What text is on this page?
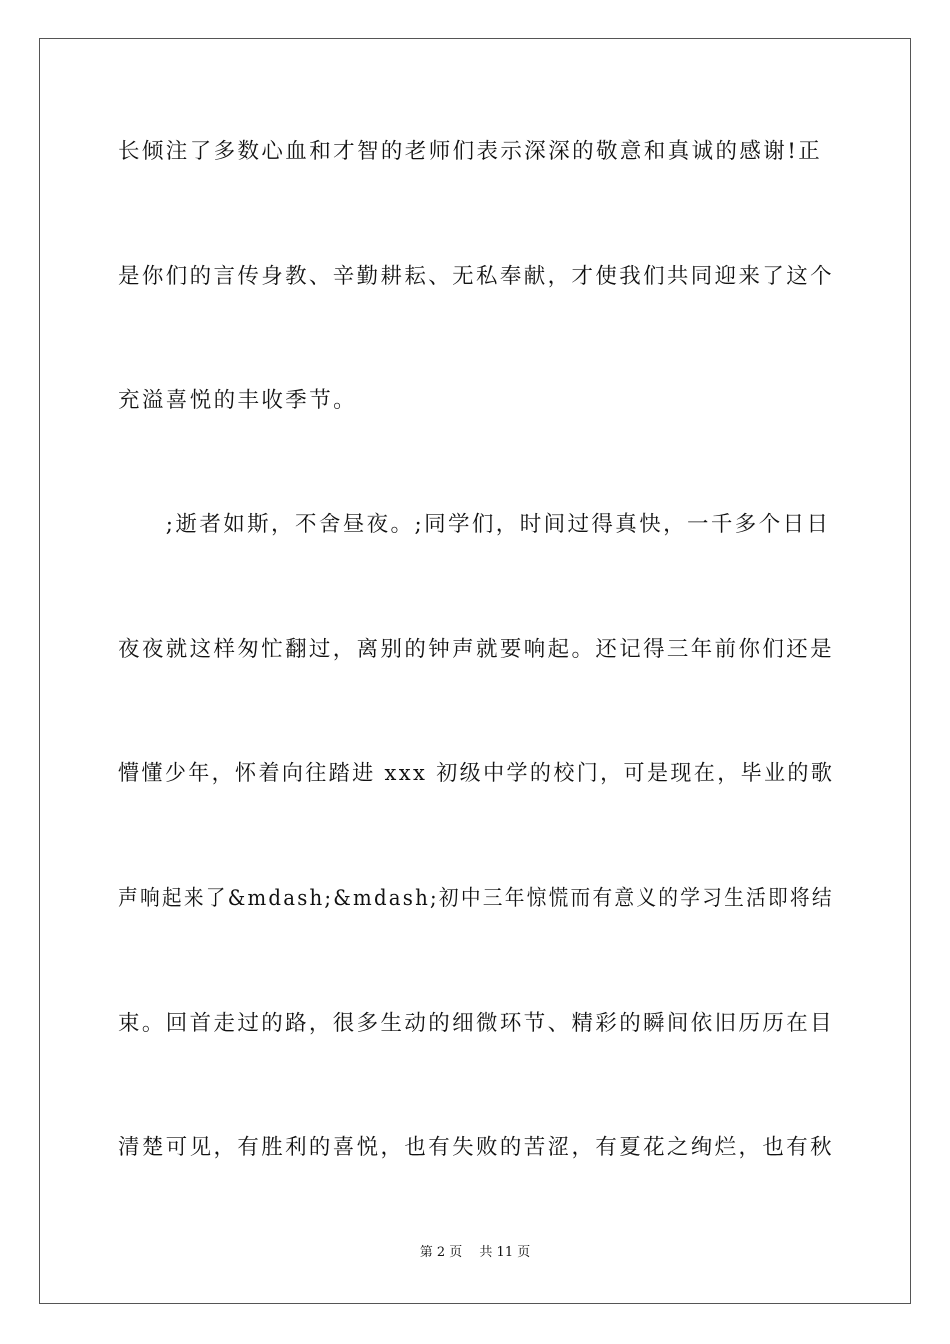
长倾注了多数心血和才智的老师们表示深深的敬意和真诚的感谢!正
是你们的言传身教、辛勤耕耘、无私奉献，才使我们共同迎来了这个
充溢喜悦的丰收季节。
　　;逝者如斯，不舍昼夜。;同学们，时间过得真快，一千多个日日
夜夜就这样匆忙翻过，离别的钟声就要响起。还记得三年前你们还是
懵懂少年，怀着向往踏进 xxx 初级中学的校门，可是现在，毕业的歌
声响起来了&mdash;&mdash;初中三年惊慌而有意义的学习生活即将结
束。回首走过的路，很多生动的细微环节、精彩的瞬间依旧历历在目
清楚可见，有胜利的喜悦，也有失败的苦涩，有夏花之绚烂，也有秋
第 2 页　 共 11 页
